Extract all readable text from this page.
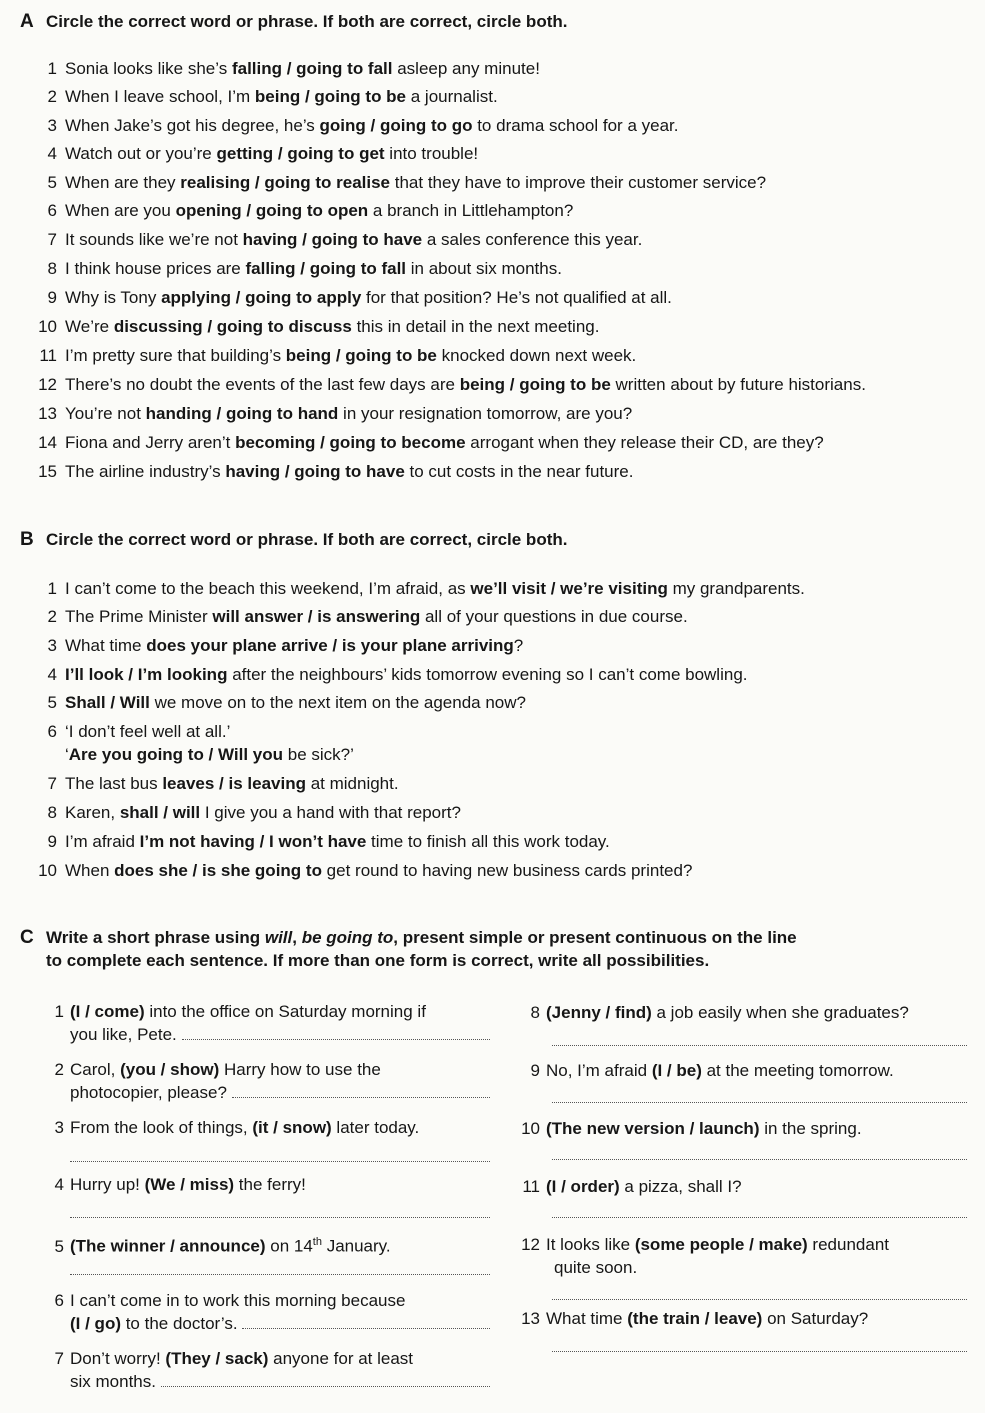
A Circle the correct word or phrase. If both are correct, circle both.
1 Sonia looks like she’s falling / going to fall asleep any minute!
2 When I leave school, I’m being / going to be a journalist.
3 When Jake’s got his degree, he’s going / going to go to drama school for a year.
4 Watch out or you’re getting / going to get into trouble!
5 When are they realising / going to realise that they have to improve their customer service?
6 When are you opening / going to open a branch in Littlehampton?
7 It sounds like we’re not having / going to have a sales conference this year.
8 I think house prices are falling / going to fall in about six months.
9 Why is Tony applying / going to apply for that position? He’s not qualified at all.
10 We’re discussing / going to discuss this in detail in the next meeting.
11 I’m pretty sure that building’s being / going to be knocked down next week.
12 There’s no doubt the events of the last few days are being / going to be written about by future historians.
13 You’re not handing / going to hand in your resignation tomorrow, are you?
14 Fiona and Jerry aren’t becoming / going to become arrogant when they release their CD, are they?
15 The airline industry’s having / going to have to cut costs in the near future.
B Circle the correct word or phrase. If both are correct, circle both.
1 I can’t come to the beach this weekend, I’m afraid, as we’ll visit / we’re visiting my grandparents.
2 The Prime Minister will answer / is answering all of your questions in due course.
3 What time does your plane arrive / is your plane arriving?
4 I’ll look / I’m looking after the neighbours’ kids tomorrow evening so I can’t come bowling.
5 Shall / Will we move on to the next item on the agenda now?
6 ‘I don’t feel well at all.’
7 The last bus leaves / is leaving at midnight.
8 Karen, shall / will I give you a hand with that report?
9 I’m afraid I’m not having / I won’t have time to finish all this work today.
10 When does she / is she going to get round to having new business cards printed?
‘Are you going to / Will you be sick?’
C Write a short phrase using will, be going to, present simple or present continuous on the line
to complete each sentence. If more than one form is correct, write all possibilities.
1 (I / come) into the office on Saturday morning if
you like, Pete.
2 Carol, (you / show) Harry how to use the
photocopier, please?
3 From the look of things, (it / snow) later today.
4 Hurry up! (We / miss) the ferry!
5 (The winner / announce) on 14th January.
6 I can’t come in to work this morning because
(I / go) to the doctor’s.
7 Don’t worry! (They / sack) anyone for at least
six months.
8 (Jenny / find) a job easily when she graduates?
9 No, I’m afraid (I / be) at the meeting tomorrow.
10 (The new version / launch) in the spring.
11 (I / order) a pizza, shall I?
12 It looks like (some people / make) redundant
quite soon.
13 What time (the train / leave) on Saturday?
